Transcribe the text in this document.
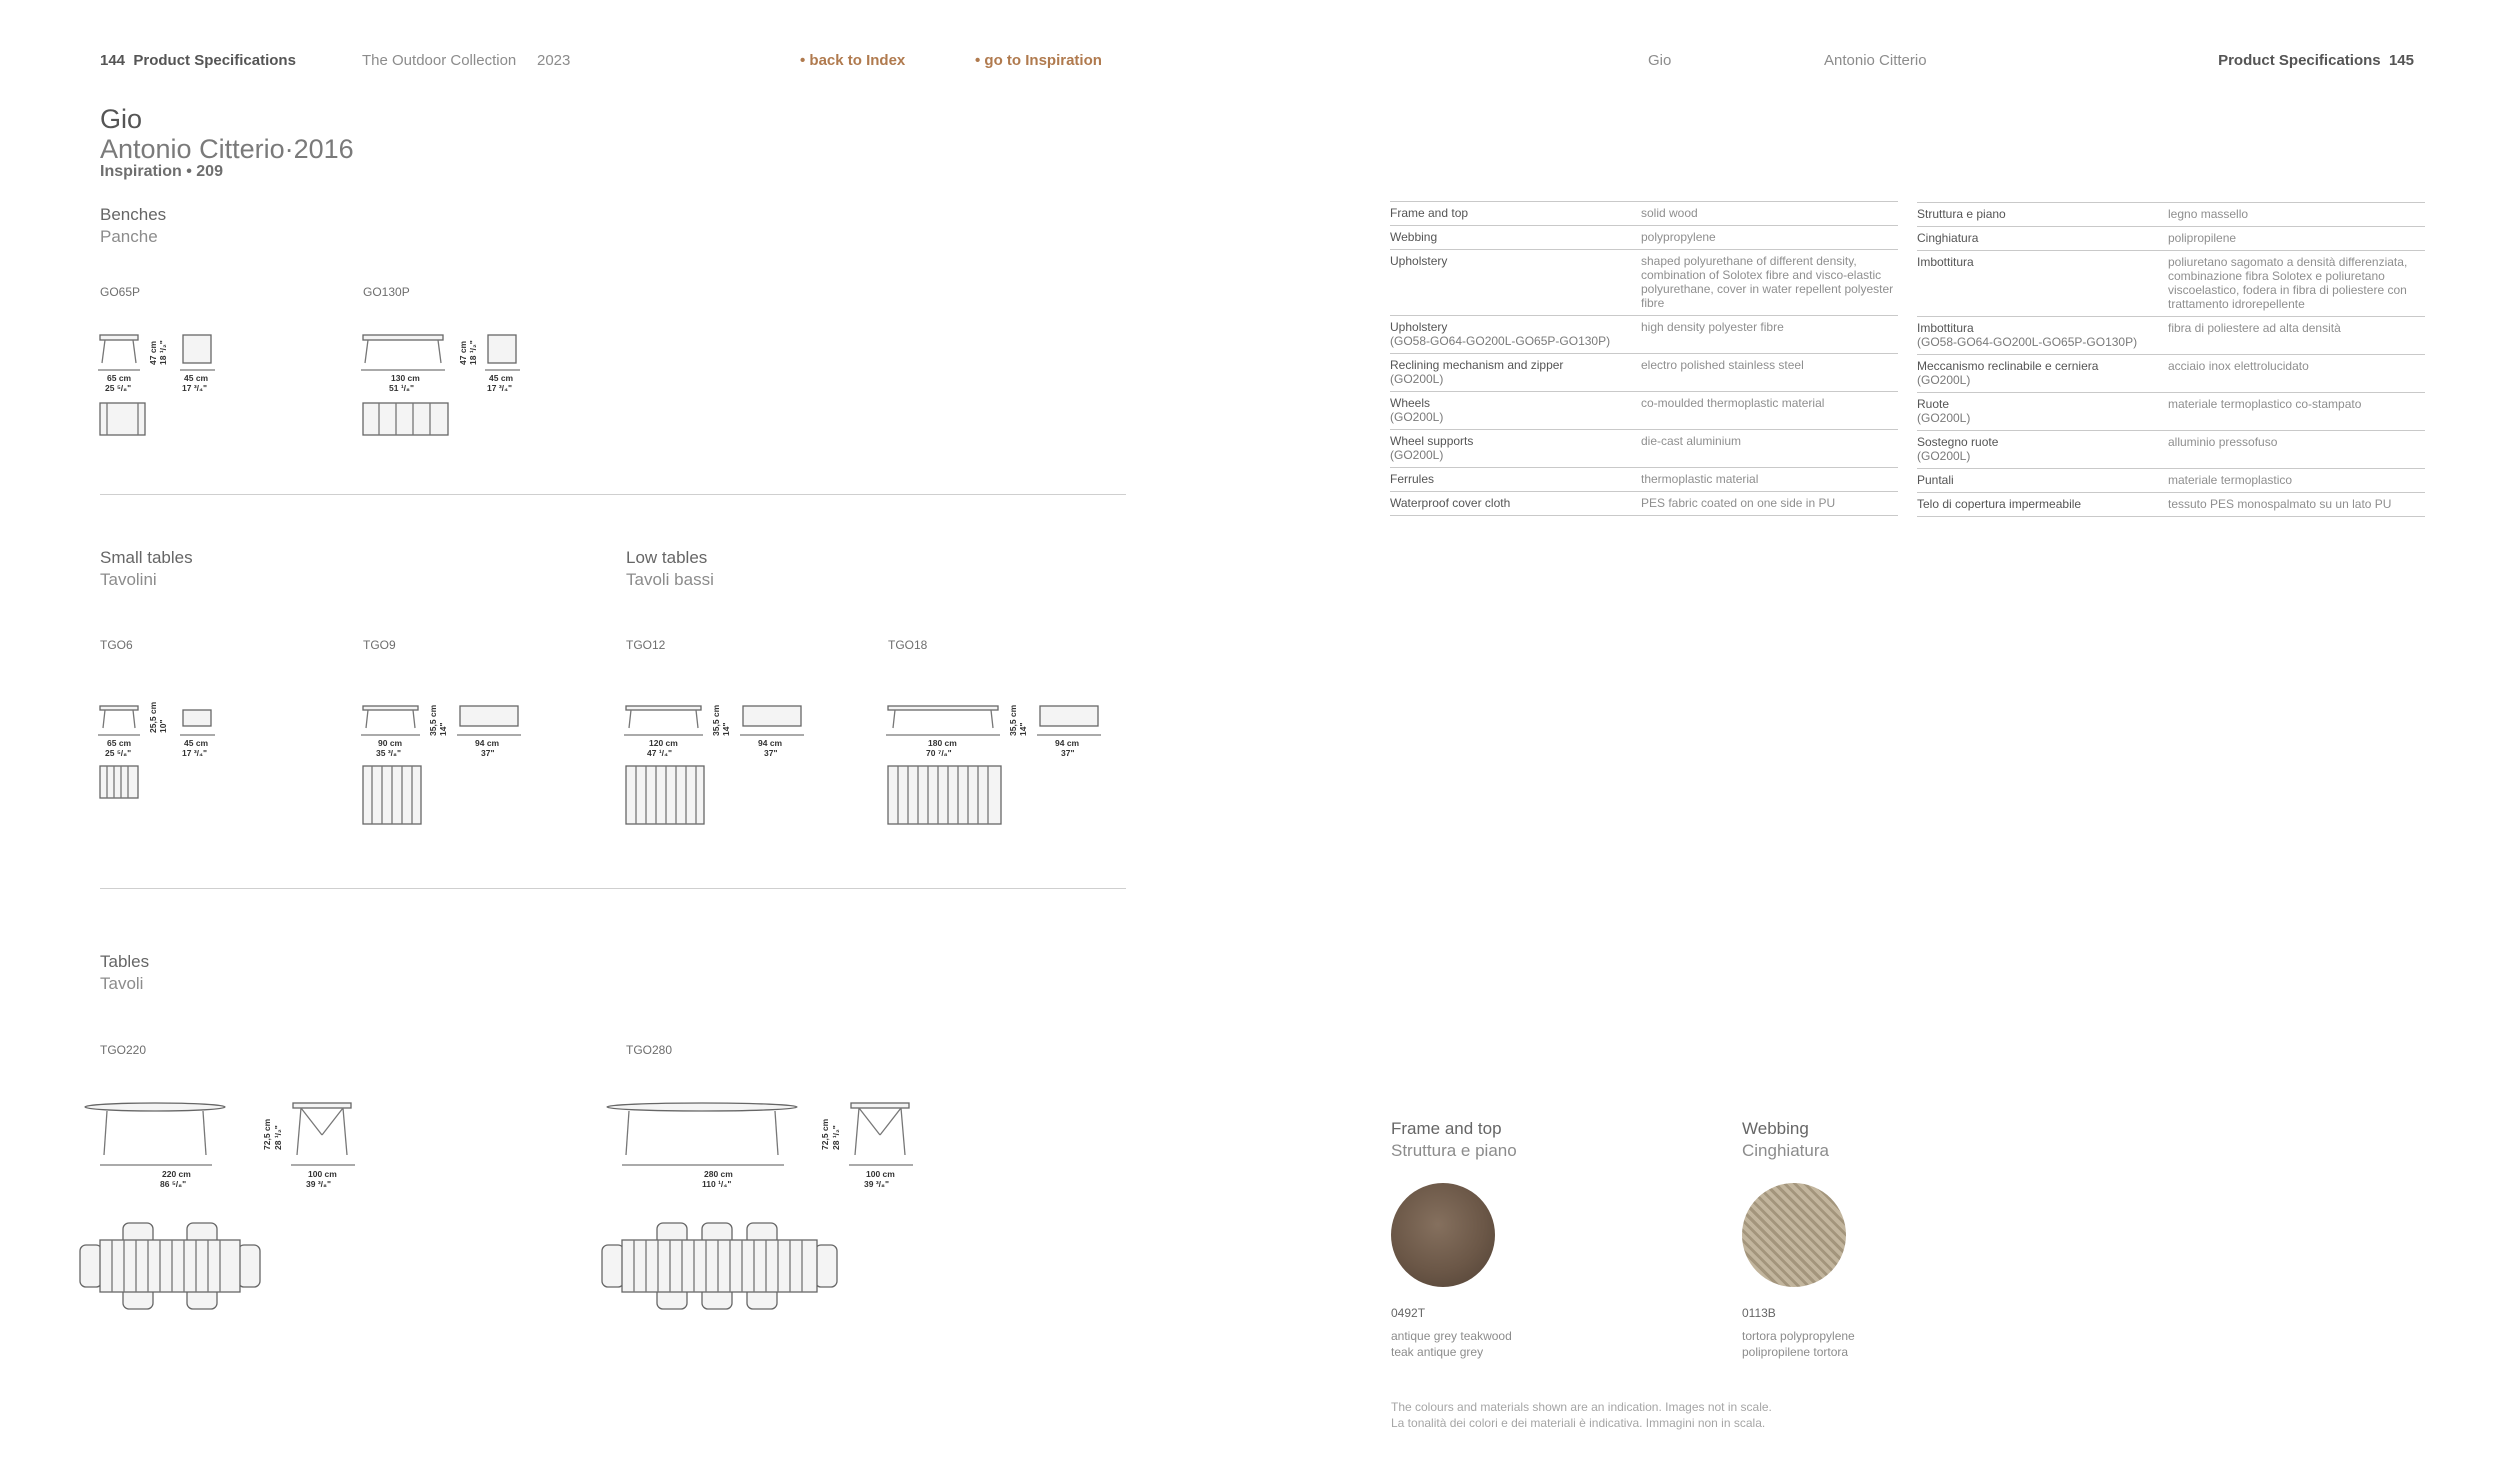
144 Product Specifications	The Outdoor Collection 2023	• back to Index	• go to Inspiration	Gio	Antonio Citterio	Product Specifications 145
Gio
Antonio Citterio·2016
Inspiration • 209
Benches
Panche
GO65P
65 cm
25 ⁵/₈"
47 cm 18 ¹/₂"
45 cm
17 ³/₄"
GO130P
130 cm
51 ¹/₈"
47 cm 18 ¹/₂"
45 cm
17 ³/₄"
Small tables
Tavolini
Low tables
Tavoli bassi
TGO6
65 cm
25 ⁵/₈"
25,5 cm 10"
45 cm
17 ³/₄"
TGO9
90 cm
35 ³/₈"
35,5 cm 14"
94 cm
37"
TGO12
120 cm
47 ¹/₄"
35,5 cm 14"
94 cm
37"
TGO18
180 cm
70 ⁷/₈"
35,5 cm 14"
94 cm
37"
Tables
Tavoli
TGO220
220 cm
86 ⁵/₈"
72,5 cm 28 ¹/₂"
100 cm
39 ³/₈"
TGO280
280 cm
110 ¹/₄"
72,5 cm 28 ¹/₂"
100 cm
39 ³/₈"
Frame and top	solid wood

Webbing	polypropylene

Upholstery	shaped polyurethane of different density, combination of Solotex fibre and visco-elastic polyurethane, cover in water repellent polyester fibre

Upholstery
(GO58-GO64-GO200L-GO65P-GO130P)	high density polyester fibre

Reclining mechanism and zipper
(GO200L)	electro polished stainless steel

Wheels
(GO200L)	co-moulded thermoplastic material

Wheel supports
(GO200L)	die-cast aluminium

Ferrules	thermoplastic material

Waterproof cover cloth	PES fabric coated on one side in PU
Struttura e piano	legno massello

Cinghiatura	polipropilene

Imbottitura	poliuretano sagomato a densità differenziata, combinazione fibra Solotex e poliuretano viscoelastico, fodera in fibra di poliestere con trattamento idrorepellente

Imbottitura
(GO58-GO64-GO200L-GO65P-GO130P)	fibra di poliestere ad alta densità

Meccanismo reclinabile e cerniera
(GO200L)	acciaio inox elettrolucidato

Ruote
(GO200L)	materiale termoplastico co-stampato

Sostegno ruote
(GO200L)	alluminio pressofuso

Puntali	materiale termoplastico

Telo di copertura impermeabile	tessuto PES monospalmato su un lato PU
Frame and top
Struttura e piano
0492T
antique grey teakwood
teak antique grey
Webbing
Cinghiatura
0113B
tortora polypropylene
polipropilene tortora
The colours and materials shown are an indication. Images not in scale.
La tonalità dei colori e dei materiali è indicativa. Immagini non in scala.
